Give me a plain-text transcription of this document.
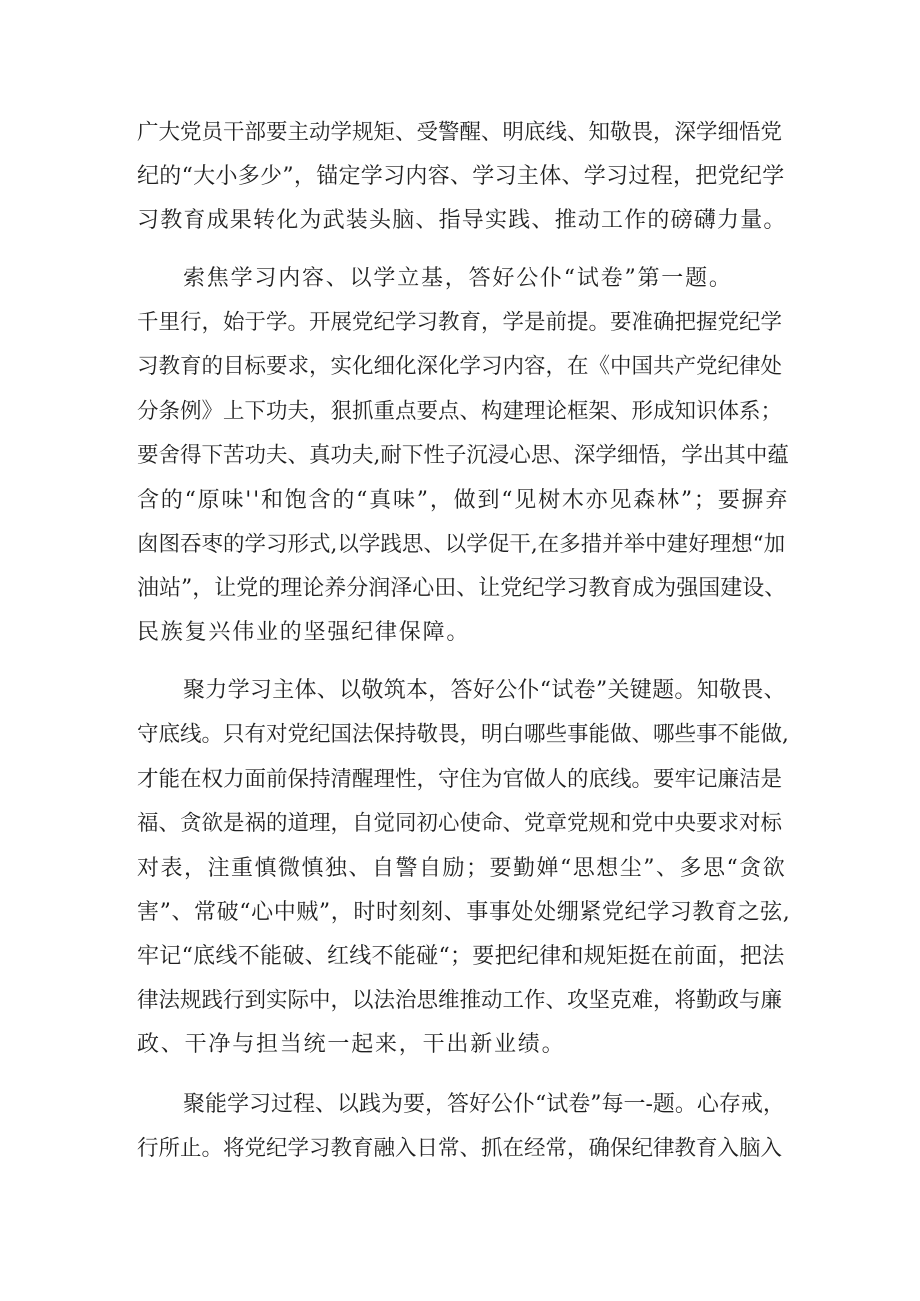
广大党员干部要主动学规矩、受警醒、明底线、知敬畏，深学细悟党
纪的“大小多少”，锚定学习内容、学习主体、学习过程，把党纪学
习教育成果转化为武装头脑、指导实践、推动工作的磅礴力量。
索焦学习内容、以学立基，答好公仆“试卷”第一题。
千里行，始于学。开展党纪学习教育，学是前提。要准确把握党纪学
习教育的目标要求，实化细化深化学习内容，在《中国共产党纪律处
分条例》上下功夫，狠抓重点要点、构建理论框架、形成知识体系；
要舍得下苦功夫、真功夫,耐下性子沉浸心思、深学细悟，学出其中蕴
含的“原味''和饱含的“真味”，做到“见树木亦见森林”；要摒弃
囱图吞枣的学习形式,以学践思、以学促干,在多措并举中建好理想“加
油站”，让党的理论养分润泽心田、让党纪学习教育成为强国建设、
民族复兴伟业的坚强纪律保障。
聚力学习主体、以敬筑本，答好公仆“试卷”关键题。知敬畏、
守底线。只有对党纪国法保持敬畏，明白哪些事能做、哪些事不能做,
才能在权力面前保持清醒理性，守住为官做人的底线。要牢记廉洁是
福、贪欲是祸的道理，自觉同初心使命、党章党规和党中央要求对标
对表，注重慎微慎独、自警自励；要勤婵“思想尘”、多思“贪欲
害”、常破“心中贼”，时时刻刻、事事处处绷紧党纪学习教育之弦,
牢记“底线不能破、红线不能碰“；要把纪律和规矩挺在前面，把法
律法规践行到实际中，以法治思维推动工作、攻坚克难，将勤政与廉
政、干净与担当统一起来，干出新业绩。
聚能学习过程、以践为要，答好公仆“试卷”每一-题。心存戒，
行所止。将党纪学习教育融入日常、抓在经常，确保纪律教育入脑入
